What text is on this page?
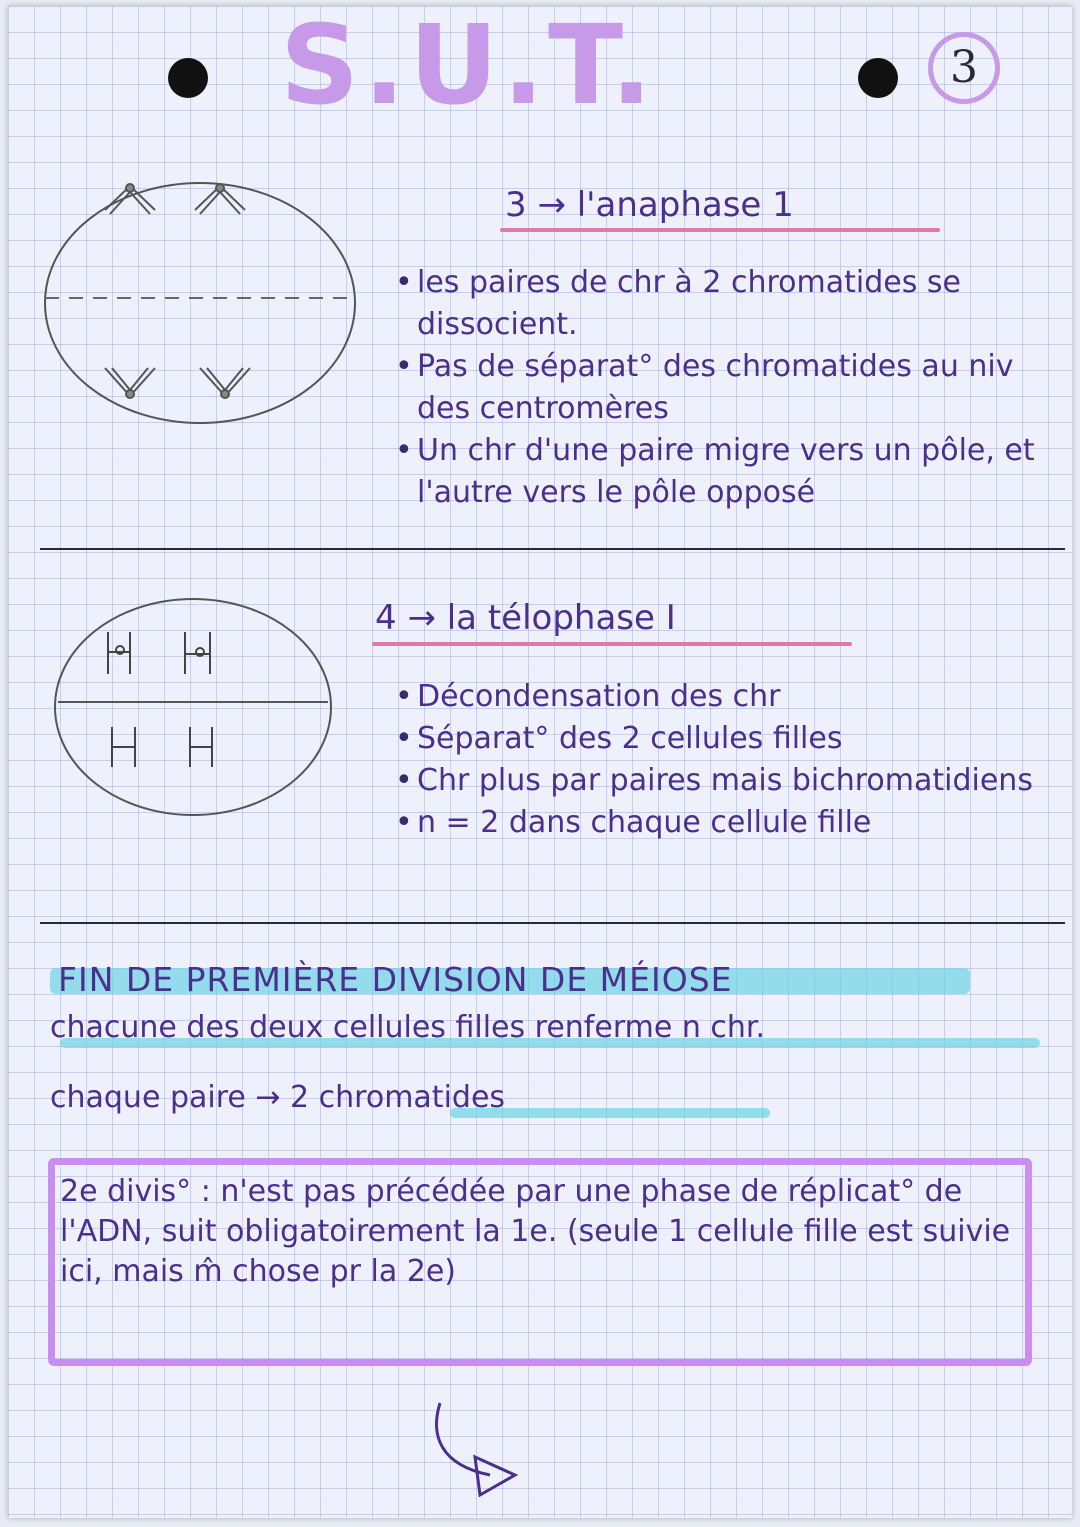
S.U.T.	3
3 → l'anaphase 1
• les paires de chr à 2 chromatides se dissocient.
• Pas de séparat° des chromatides au niv des centromères
• Un chr d'une paire migre vers un pôle, et l'autre vers le pôle opposé
4 → la télophase I
• Décondensation des chr
• Séparat° des 2 cellules filles
• Chr plus par paires mais bichromatidiens
• n = 2 dans chaque cellule fille
FIN DE PREMIÈRE DIVISION DE MÉIOSE
chacune des deux cellules filles renferme n chr.
chaque paire → 2 chromatides

2e divis° : n'est pas précédée par une phase de réplicat° de l'ADN, suit obligatoirement la 1e. (seule 1 cellule fille est suivie ici, mais m̂ chose pr la 2e)
